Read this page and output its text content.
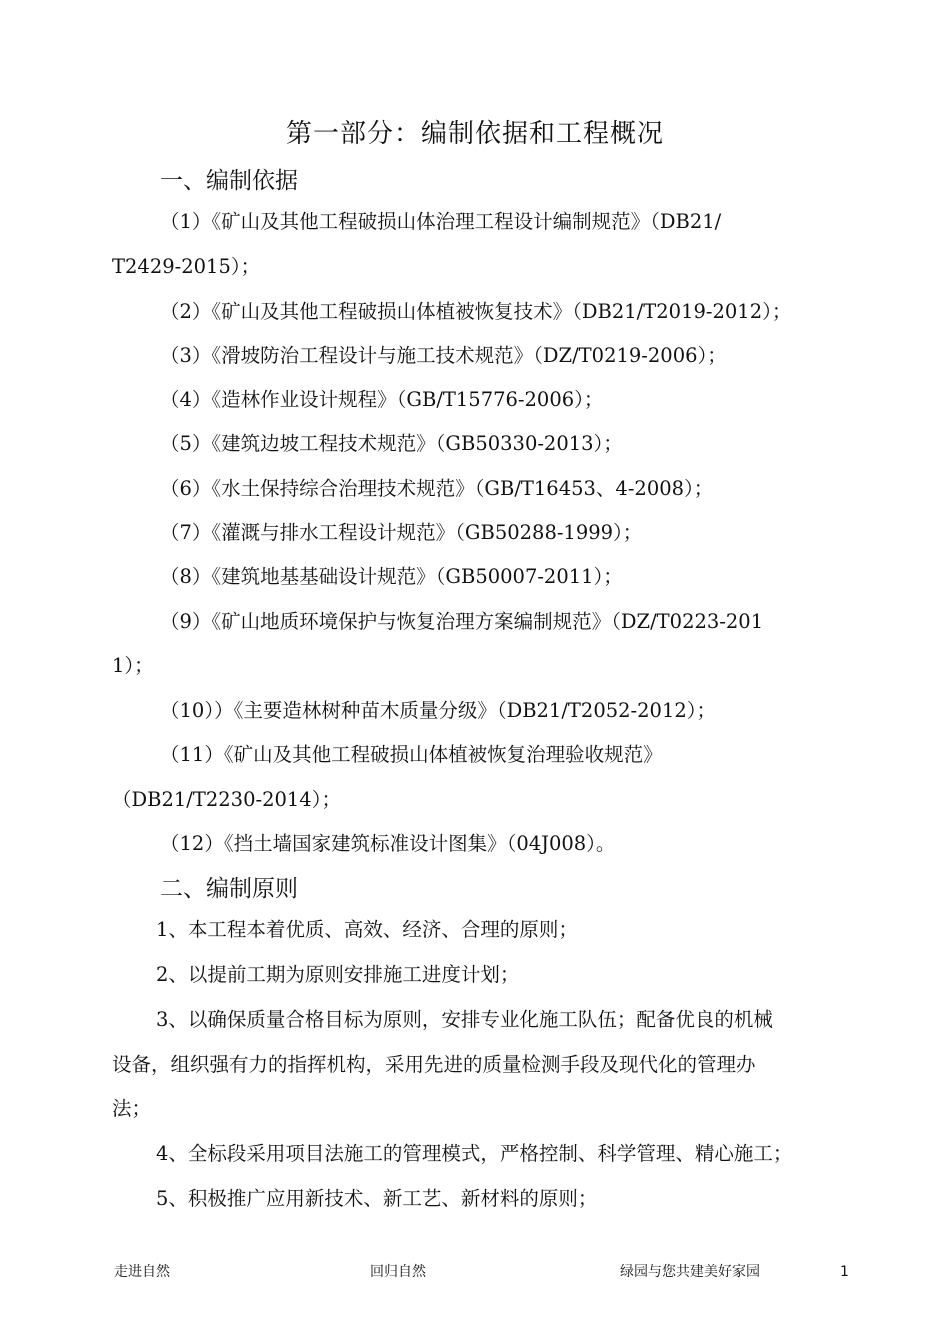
第一部分：编制依据和工程概况
一、编制依据
（1）《矿山及其他工程破损山体治理工程设计编制规范》（DB21/
T2429-2015）；
（2）《矿山及其他工程破损山体植被恢复技术》（DB21/T2019-2012）；
（3）《滑坡防治工程设计与施工技术规范》（DZ/T0219-2006）；
（4）《造林作业设计规程》（GB/T15776-2006）；
（5）《建筑边坡工程技术规范》（GB50330-2013）；
（6）《水土保持综合治理技术规范》（GB/T16453、4-2008）；
（7）《灌溉与排水工程设计规范》（GB50288-1999）；
（8）《建筑地基基础设计规范》（GB50007-2011）；
（9）《矿山地质环境保护与恢复治理方案编制规范》（DZ/T0223-201
1）；
（10））《主要造林树种苗木质量分级》（DB21/T2052-2012）；
（11）《矿山及其他工程破损山体植被恢复治理验收规范》
（DB21/T2230-2014）；
（12）《挡土墙国家建筑标准设计图集》（04J008）。
二、编制原则
1、本工程本着优质、高效、经济、合理的原则；
2、以提前工期为原则安排施工进度计划；
3、以确保质量合格目标为原则，安排专业化施工队伍；配备优良的机械
设备，组织强有力的指挥机构，采用先进的质量检测手段及现代化的管理办
法；
4、全标段采用项目法施工的管理模式，严格控制、科学管理、精心施工；
5、积极推广应用新技术、新工艺、新材料的原则；
走进自然	回归自然	绿园与您共建美好家园	1
